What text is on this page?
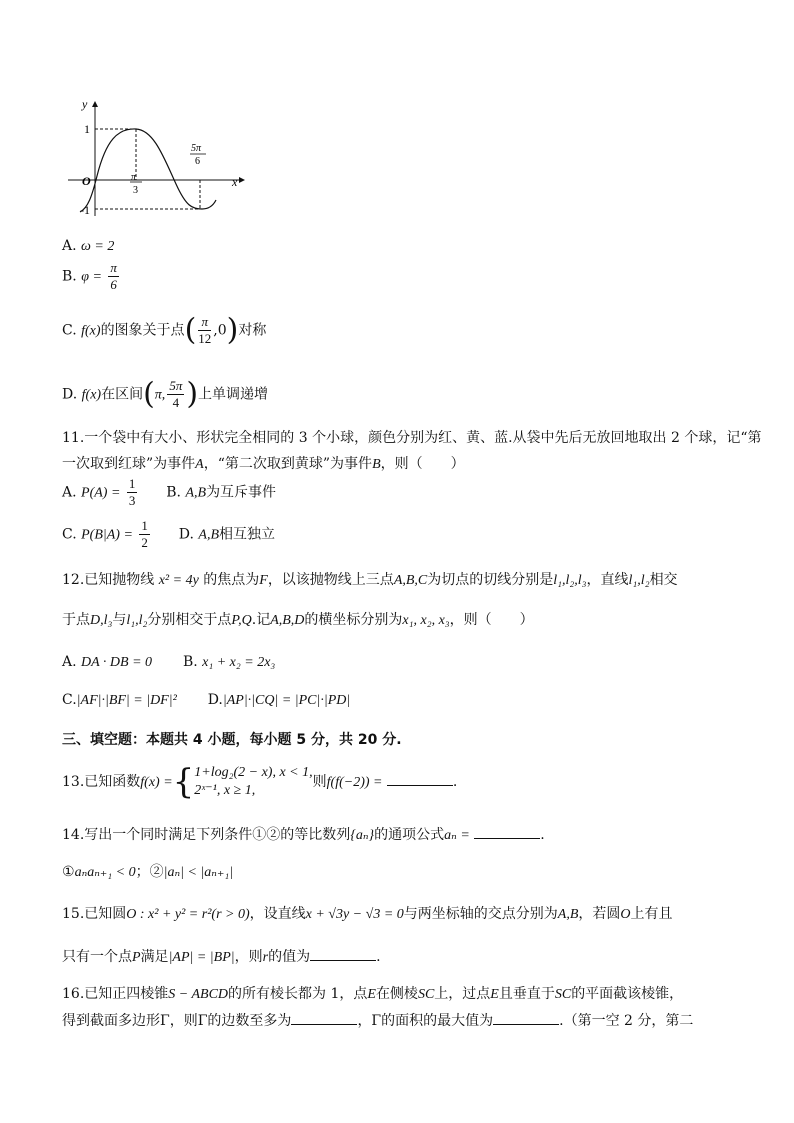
y
x
O
1
-1
π
3
5π
6
A. ω = 2
B. $\varphi = \frac{\pi}{6}$
C. f(x)的图象关于点( $\frac{\pi}{12} ,0$)对称
D. f(x)在区间(π, $\frac{5\pi}{4}$ )上单调递增
11.一个袋中有大小、形状完全相同的 3 个小球，颜色分别为红、黄、蓝.从袋中先后无放回地取出 2 个球，记“第
一次取到红球”为事件A，“第二次取到黄球”为事件B，则（　　）
A. $P(A) = \frac{1}{3} B$. A,B为互斥事件
C. $P(B|A) = \frac{1}{2} D$. A,B相互独立
12.已知抛物线 x² = 4y 的焦点为F，以该抛物线上三点A,B,C为切点的切线分别是l₁,l₂,l₃，直线l₁,l₂相交
于点D,l₃与l₁,l₂分别相交于点P,Q.记A,B,D的横坐标分别为x₁, x₂, x₃，则（　　）
A. DA · DB = 0 B. x₁ + x₂ = 2x₃
C.|AF|·|BF| = |DF|² D.|AP|·|CQ| = |PC|·|PD|
三、填空题：本题共 4 小题，每小题 5 分，共 20 分.
13.已知函数f(x) ={ 1+log₂(2 − x), x < 1,
2ˣ⁻¹, x ≥ 1,
则f(f(−2)) =	.
14.写出一个同时满足下列条件①②的等比数列{aₙ}的通项公式aₙ =	.
①aₙaₙ₊₁ < 0；②|aₙ| < |aₙ₊₁|
15.已知圆O : x² + y² = r²(r > 0)，设直线x + √3y − √3 = 0与两坐标轴的交点分别为A,B，若圆O上有且
只有一个点P满足|AP| = |BP|，则r的值为	.
16.已知正四棱锥S − ABCD的所有棱长都为 1，点E在侧棱SC上，过点E且垂直于SC的平面截该棱锥，
得到截面多边形Γ，则Γ的边数至多为	，Γ的面积的最大值为	.（第一空 2 分，第二
